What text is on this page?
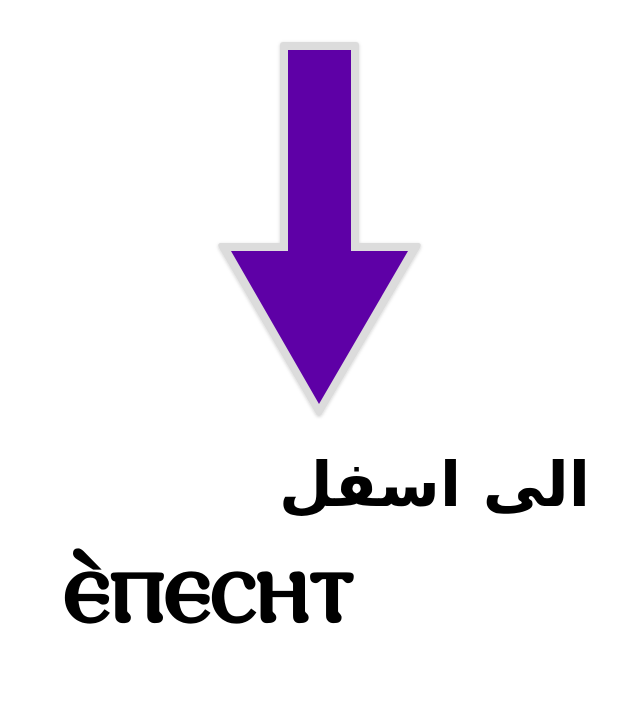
الى اسفل
ⲉ̀ⲡⲉⲥⲏⲧ
